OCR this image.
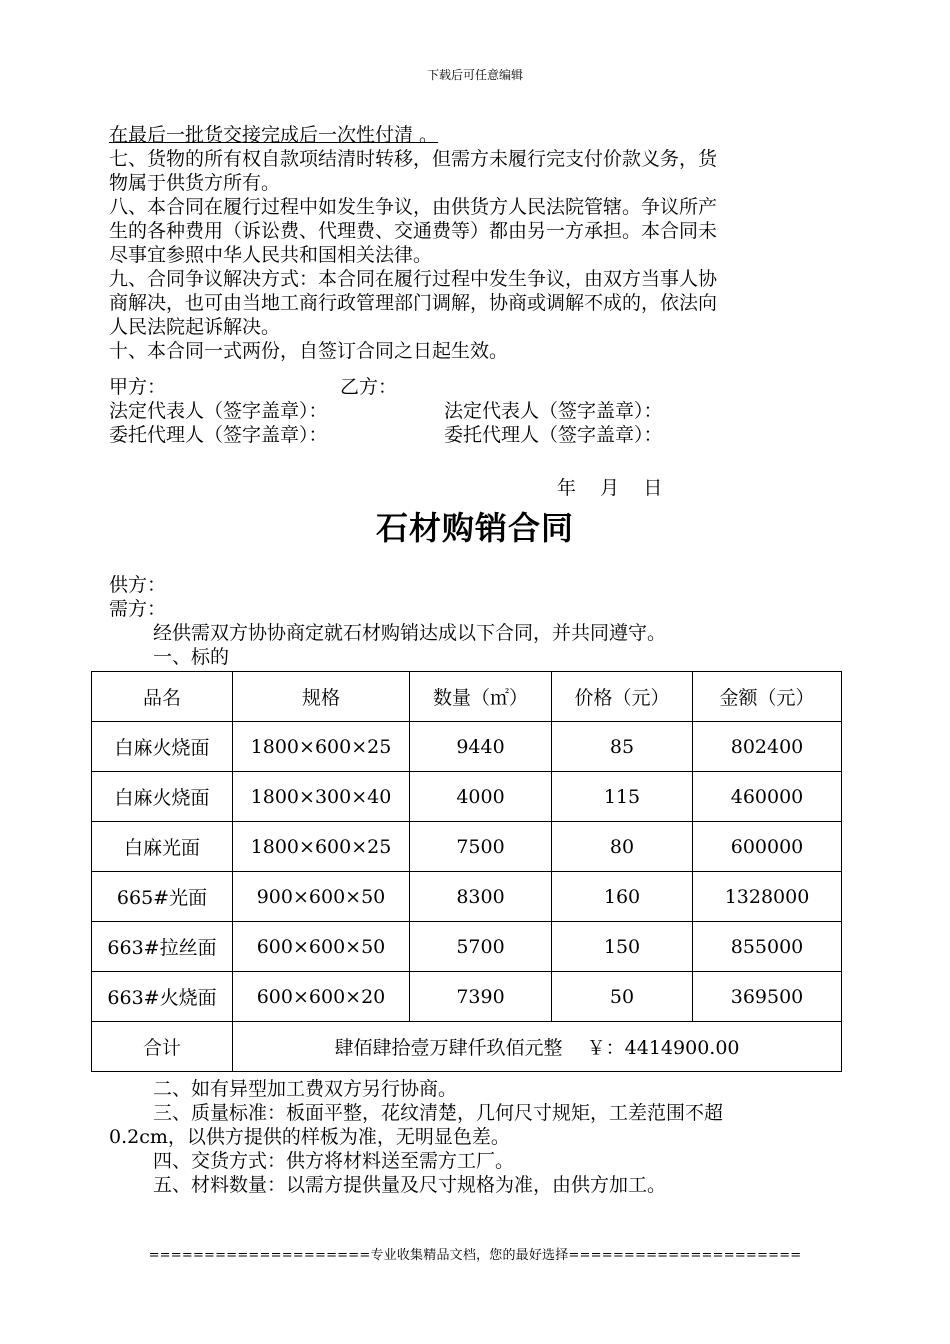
下载后可任意编辑
在最后一批货交接完成后一次性付清 。
七、货物的所有权自款项结清时转移，但需方未履行完支付价款义务，货
物属于供货方所有。
八、本合同在履行过程中如发生争议，由供货方人民法院管辖。争议所产
生的各种费用（诉讼费、代理费、交通费等）都由另一方承担。本合同未
尽事宜参照中华人民共和国相关法律。
九、合同争议解决方式：本合同在履行过程中发生争议，由双方当事人协
商解决，也可由当地工商行政管理部门调解，协商或调解不成的，依法向
人民法院起诉解决。
十、本合同一式两份，自签订合同之日起生效。
甲方：	乙方：
法定代表人（签字盖章）：	法定代表人（签字盖章）：
委托代理人（签字盖章）：	委托代理人（签字盖章）：
年    月    日
石材购销合同
供方：
需方：
经供需双方协协商定就石材购销达成以下合同，并共同遵守。
一、标的
品名	规格	数量（㎡）	价格（元）	金额（元）
白麻火烧面	1800×600×25	9440	85	802400
白麻火烧面	1800×300×40	4000	115	460000
白麻光面	1800×600×25	7500	80	600000
665#光面	900×600×50	8300	160	1328000
663#拉丝面	600×600×50	5700	150	855000
663#火烧面	600×600×20	7390	50	369500
合计	肆佰肆拾壹万肆仟玖佰元整    ￥：4414900.00			
二、如有异型加工费双方另行协商。
三、质量标准：板面平整，花纹清楚，几何尺寸规矩，工差范围不超
0.2cm，以供方提供的样板为准，无明显色差。
四、交货方式：供方将材料送至需方工厂。
五、材料数量：以需方提供量及尺寸规格为准，由供方加工。
====================专业收集精品文档，您的最好选择=====================
